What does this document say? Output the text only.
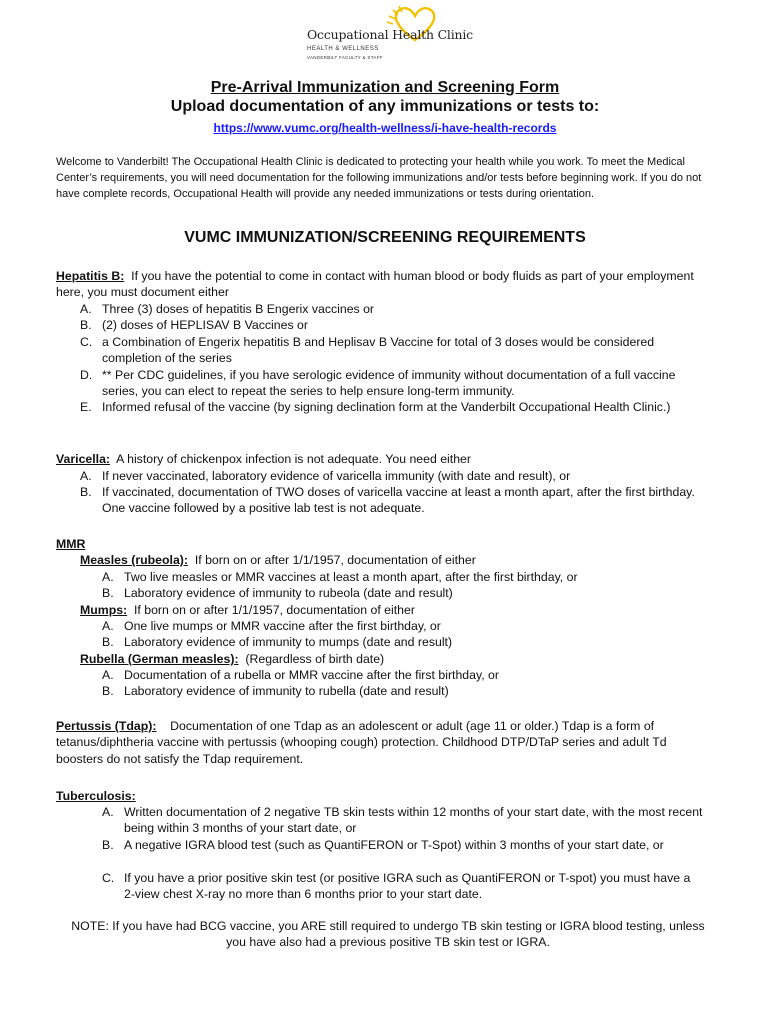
Occupational Health Clinic
HEALTH & WELLNESS
VANDERBILT FACULTY & STAFF
Pre-Arrival Immunization and Screening Form
Upload documentation of any immunizations or tests to:
https://www.vumc.org/health-wellness/i-have-health-records
Welcome to Vanderbilt! The Occupational Health Clinic is dedicated to protecting your health while you work. To meet the Medical Center’s requirements, you will need documentation for the following immunizations and/or tests before beginning work. If you do not have complete records, Occupational Health will provide any needed immunizations or tests during orientation.
VUMC IMMUNIZATION/SCREENING REQUIREMENTS
Hepatitis B: If you have the potential to come in contact with human blood or body fluids as part of your employment here, you must document either
A. Three (3) doses of hepatitis B Engerix vaccines or
B. (2) doses of HEPLISAV B Vaccines or
C. a Combination of Engerix hepatitis B and Heplisav B Vaccine for total of 3 doses would be considered completion of the series
D. ** Per CDC guidelines, if you have serologic evidence of immunity without documentation of a full vaccine series, you can elect to repeat the series to help ensure long-term immunity.
E. Informed refusal of the vaccine (by signing declination form at the Vanderbilt Occupational Health Clinic.)
Varicella: A history of chickenpox infection is not adequate. You need either
A. If never vaccinated, laboratory evidence of varicella immunity (with date and result), or
B. If vaccinated, documentation of TWO doses of varicella vaccine at least a month apart, after the first birthday. One vaccine followed by a positive lab test is not adequate.
MMR
Measles (rubeola): If born on or after 1/1/1957, documentation of either
A. Two live measles or MMR vaccines at least a month apart, after the first birthday, or
B. Laboratory evidence of immunity to rubeola (date and result)
Mumps: If born on or after 1/1/1957, documentation of either
A. One live mumps or MMR vaccine after the first birthday, or
B. Laboratory evidence of immunity to mumps (date and result)
Rubella (German measles): (Regardless of birth date)
A. Documentation of a rubella or MMR vaccine after the first birthday, or
B. Laboratory evidence of immunity to rubella (date and result)
Pertussis (Tdap): Documentation of one Tdap as an adolescent or adult (age 11 or older.) Tdap is a form of tetanus/diphtheria vaccine with pertussis (whooping cough) protection. Childhood DTP/DTaP series and adult Td boosters do not satisfy the Tdap requirement.
Tuberculosis:
A. Written documentation of 2 negative TB skin tests within 12 months of your start date, with the most recent being within 3 months of your start date, or
B. A negative IGRA blood test (such as QuantiFERON or T-Spot) within 3 months of your start date, or
C. If you have a prior positive skin test (or positive IGRA such as QuantiFERON or T-spot) you must have a 2-view chest X-ray no more than 6 months prior to your start date.
NOTE: If you have had BCG vaccine, you ARE still required to undergo TB skin testing or IGRA blood testing, unless you have also had a previous positive TB skin test or IGRA.
